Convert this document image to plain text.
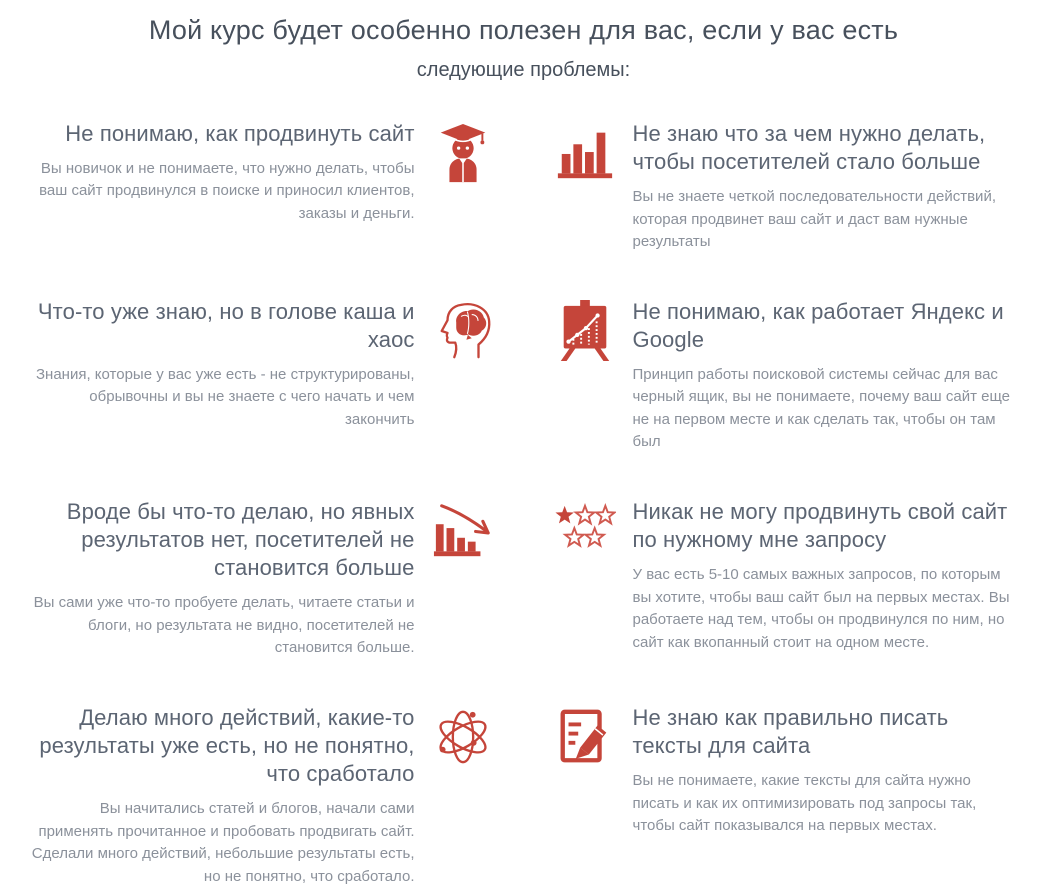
Мой курс будет особенно полезен для вас, если у вас есть
следующие проблемы:
Не понимаю, как продвинуть сайт

Вы новичок и не понимаете, что нужно делать, чтобы ваш сайт продвинулся в поиске и приносил клиентов, заказы и деньги.

Не знаю что за чем нужно делать, чтобы посетителей стало больше

Вы не знаете четкой последовательности действий, которая продвинет ваш сайт и даст вам нужные результаты

Что-то уже знаю, но в голове каша и хаос

Знания, которые у вас уже есть - не структурированы, обрывочны и вы не знаете с чего начать и чем закончить

Не понимаю, как работает Яндекс и Google

Принцип работы поисковой системы сейчас для вас черный ящик, вы не понимаете, почему ваш сайт еще не на первом месте и как сделать так, чтобы он там был

Вроде бы что-то делаю, но явных результатов нет, посетителей не становится больше

Вы сами уже что-то пробуете делать, читаете статьи и блоги, но результата не видно, посетителей не становится больше.

Никак не могу продвинуть свой сайт по нужному мне запросу

У вас есть 5-10 самых важных запросов, по которым вы хотите, чтобы ваш сайт был на первых местах. Вы работаете над тем, чтобы он продвинулся по ним, но сайт как вкопанный стоит на одном месте.

Делаю много действий, какие-то результаты уже есть, но не понятно, что сработало

Вы начитались статей и блогов, начали сами применять прочитанное и пробовать продвигать сайт. Сделали много действий, небольшие результаты есть, но не понятно, что сработало.

Не знаю как правильно писать тексты для сайта

Вы не понимаете, какие тексты для сайта нужно писать и как их оптимизировать под запросы так, чтобы сайт показывался на первых местах.
